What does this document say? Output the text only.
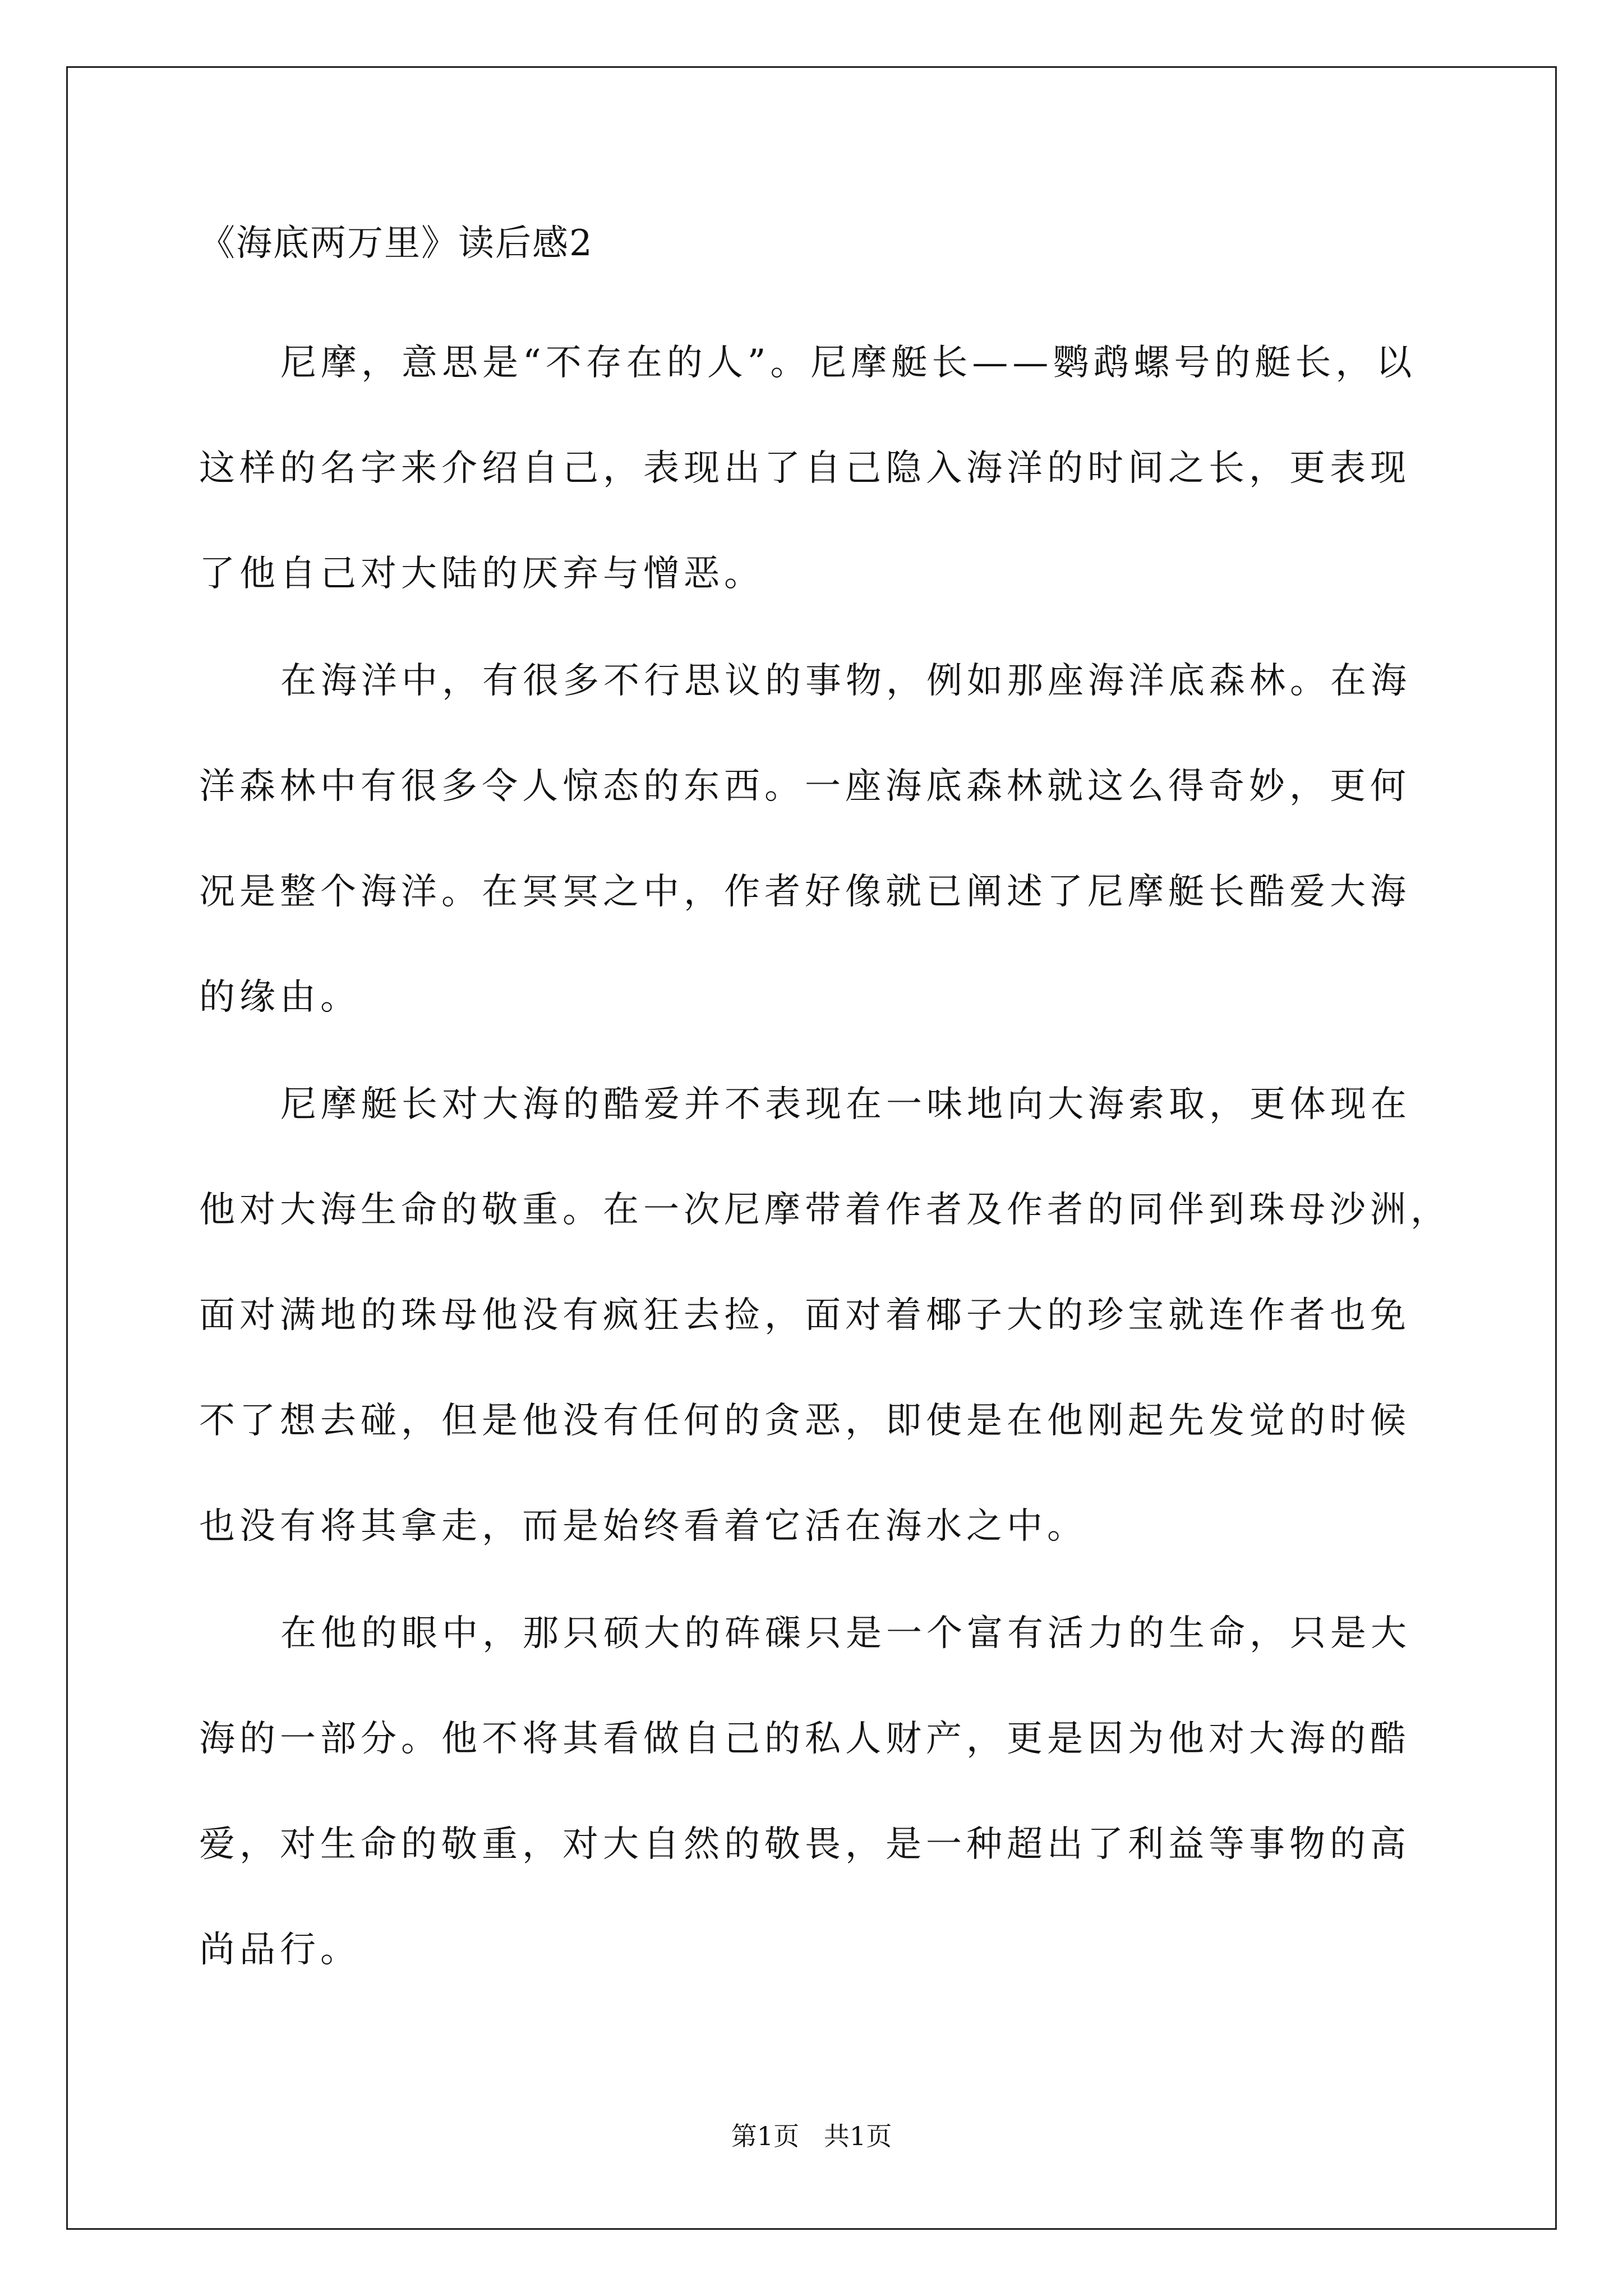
《海底两万里》读后感2
尼摩，意思是“不存在的人”。尼摩艇长——鹦鹉螺号的艇长，以
这样的名字来介绍自己，表现出了自己隐入海洋的时间之长，更表现
了他自己对大陆的厌弃与憎恶。
在海洋中，有很多不行思议的事物，例如那座海洋底森林。在海
洋森林中有很多令人惊态的东西。一座海底森林就这么得奇妙，更何
况是整个海洋。在冥冥之中，作者好像就已阐述了尼摩艇长酷爱大海
的缘由。
尼摩艇长对大海的酷爱并不表现在一味地向大海索取，更体现在
他对大海生命的敬重。在一次尼摩带着作者及作者的同伴到珠母沙洲，
面对满地的珠母他没有疯狂去捡，面对着椰子大的珍宝就连作者也免
不了想去碰，但是他没有任何的贪恶，即使是在他刚起先发觉的时候
也没有将其拿走，而是始终看着它活在海水之中。
在他的眼中，那只硕大的砗磲只是一个富有活力的生命，只是大
海的一部分。他不将其看做自己的私人财产，更是因为他对大海的酷
爱，对生命的敬重，对大自然的敬畏，是一种超出了利益等事物的高
尚品行。
第1页   共1页
